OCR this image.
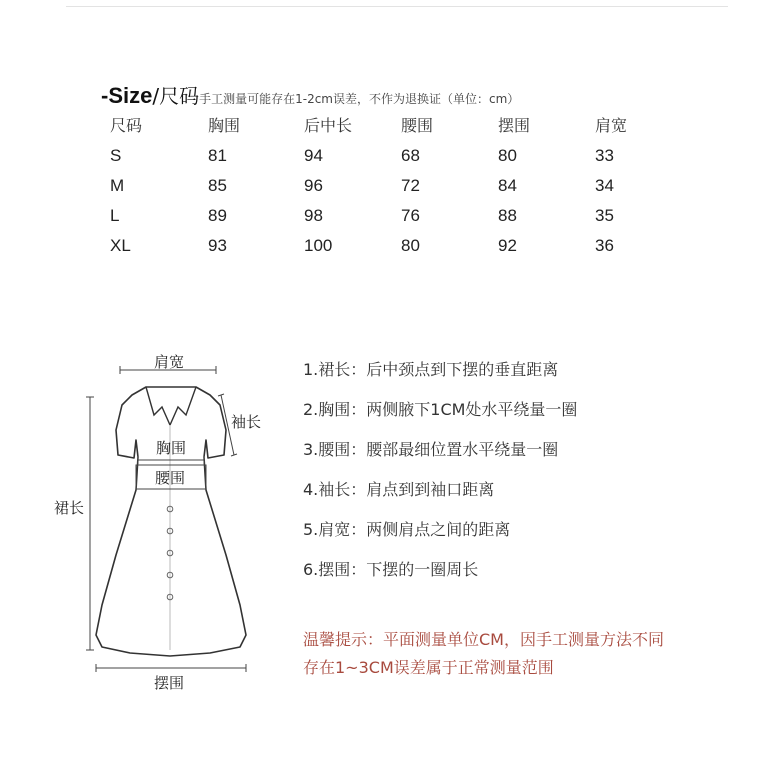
-Size/尺码手工测量可能存在1-2cm误差，不作为退换证（单位：cm）
尺码	胸围	后中长	腰围	摆围	肩宽
S	81	94	68	80	33
M	85	96	72	84	34
L	89	98	76	88	35
XL	93	100	80	92	36
肩宽
胸围
腰围
袖长
裙长
摆围
1.裙长：后中颈点到下摆的垂直距离
2.胸围：两侧腋下1CM处水平绕量一圈
3.腰围：腰部最细位置水平绕量一圈
4.袖长：肩点到到袖口距离
5.肩宽：两侧肩点之间的距离
6.摆围：下摆的一圈周长
温馨提示：平面测量单位CM，因手工测量方法不同
存在1~3CM误差属于正常测量范围
